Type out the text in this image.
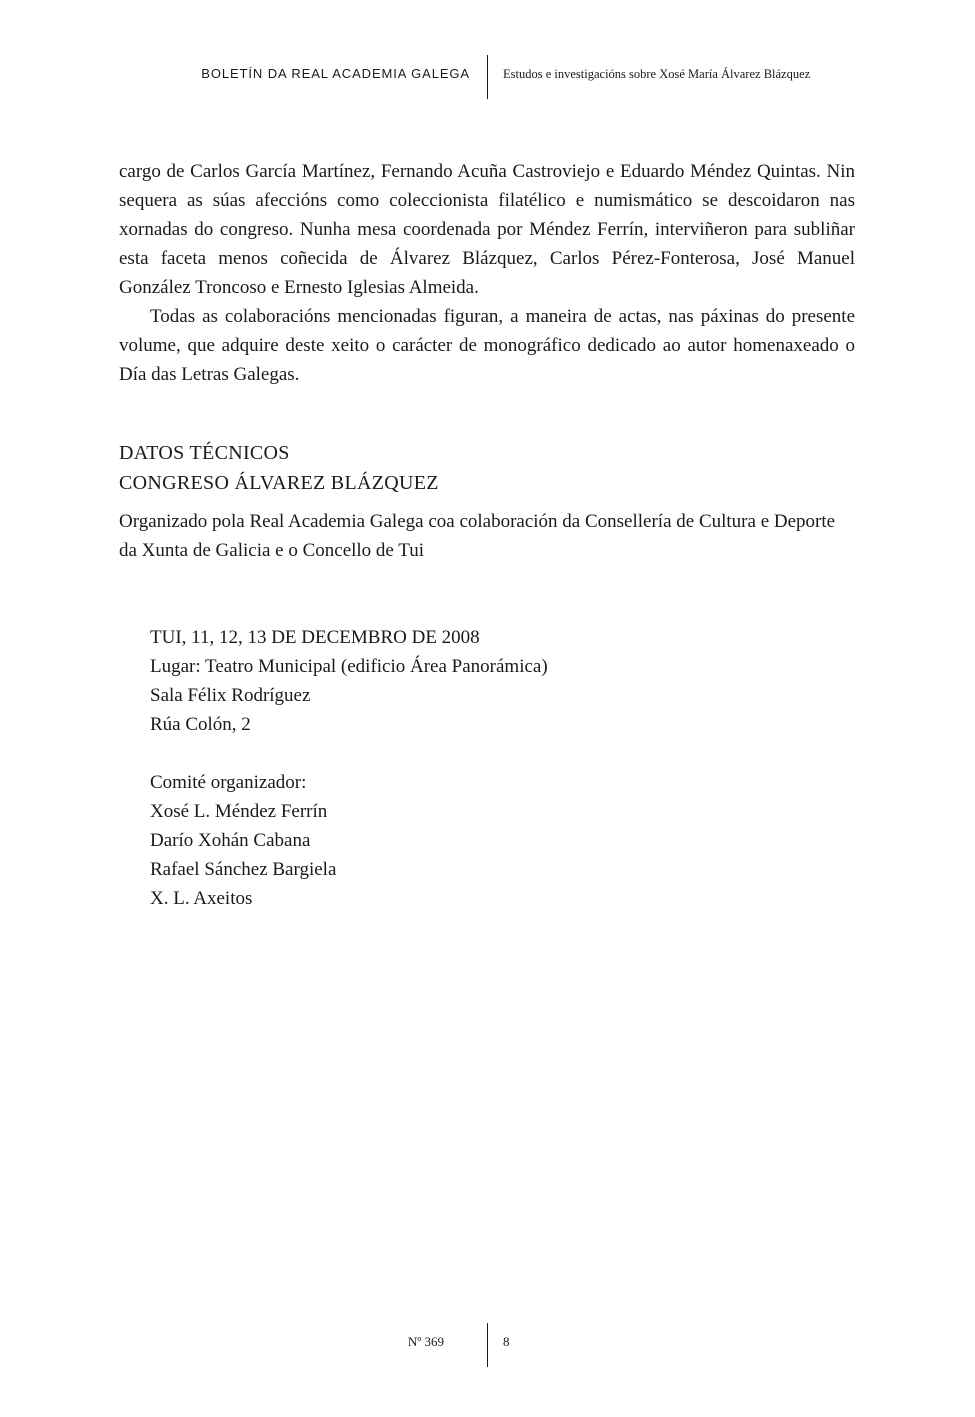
BOLETÍN DA REAL ACADEMIA GALEGA	Estudos e investigacións sobre Xosé María Álvarez Blázquez

cargo de Carlos García Martínez, Fernando Acuña Castroviejo e Eduardo Méndez Quintas. Nin sequera as súas afeccións como coleccionista filatélico e numismático se descoidaron nas xornadas do congreso. Nunha mesa coordenada por Méndez Ferrín, interviñeron para subliñar esta faceta menos coñecida de Álvarez Blázquez, Carlos Pérez-Fonterosa, José Manuel González Troncoso e Ernesto Iglesias Almeida.

Todas as colaboracións mencionadas figuran, a maneira de actas, nas páxinas do presente volume, que adquire deste xeito o carácter de monográfico dedicado ao autor homenaxeado o Día das Letras Galegas.

DATOS TÉCNICOS
CONGRESO ÁLVAREZ BLÁZQUEZ

Organizado pola Real Academia Galega coa colaboración da Consellería de Cultura e Deporte da Xunta de Galicia e o Concello de Tui

TUI, 11, 12, 13 DE DECEMBRO DE 2008
Lugar: Teatro Municipal (edificio Área Panorámica)
Sala Félix Rodríguez
Rúa Colón, 2
Comité organizador:
Xosé L. Méndez Ferrín
Darío Xohán Cabana
Rafael Sánchez Bargiela
X. L. Axeitos
Nº 369	8
